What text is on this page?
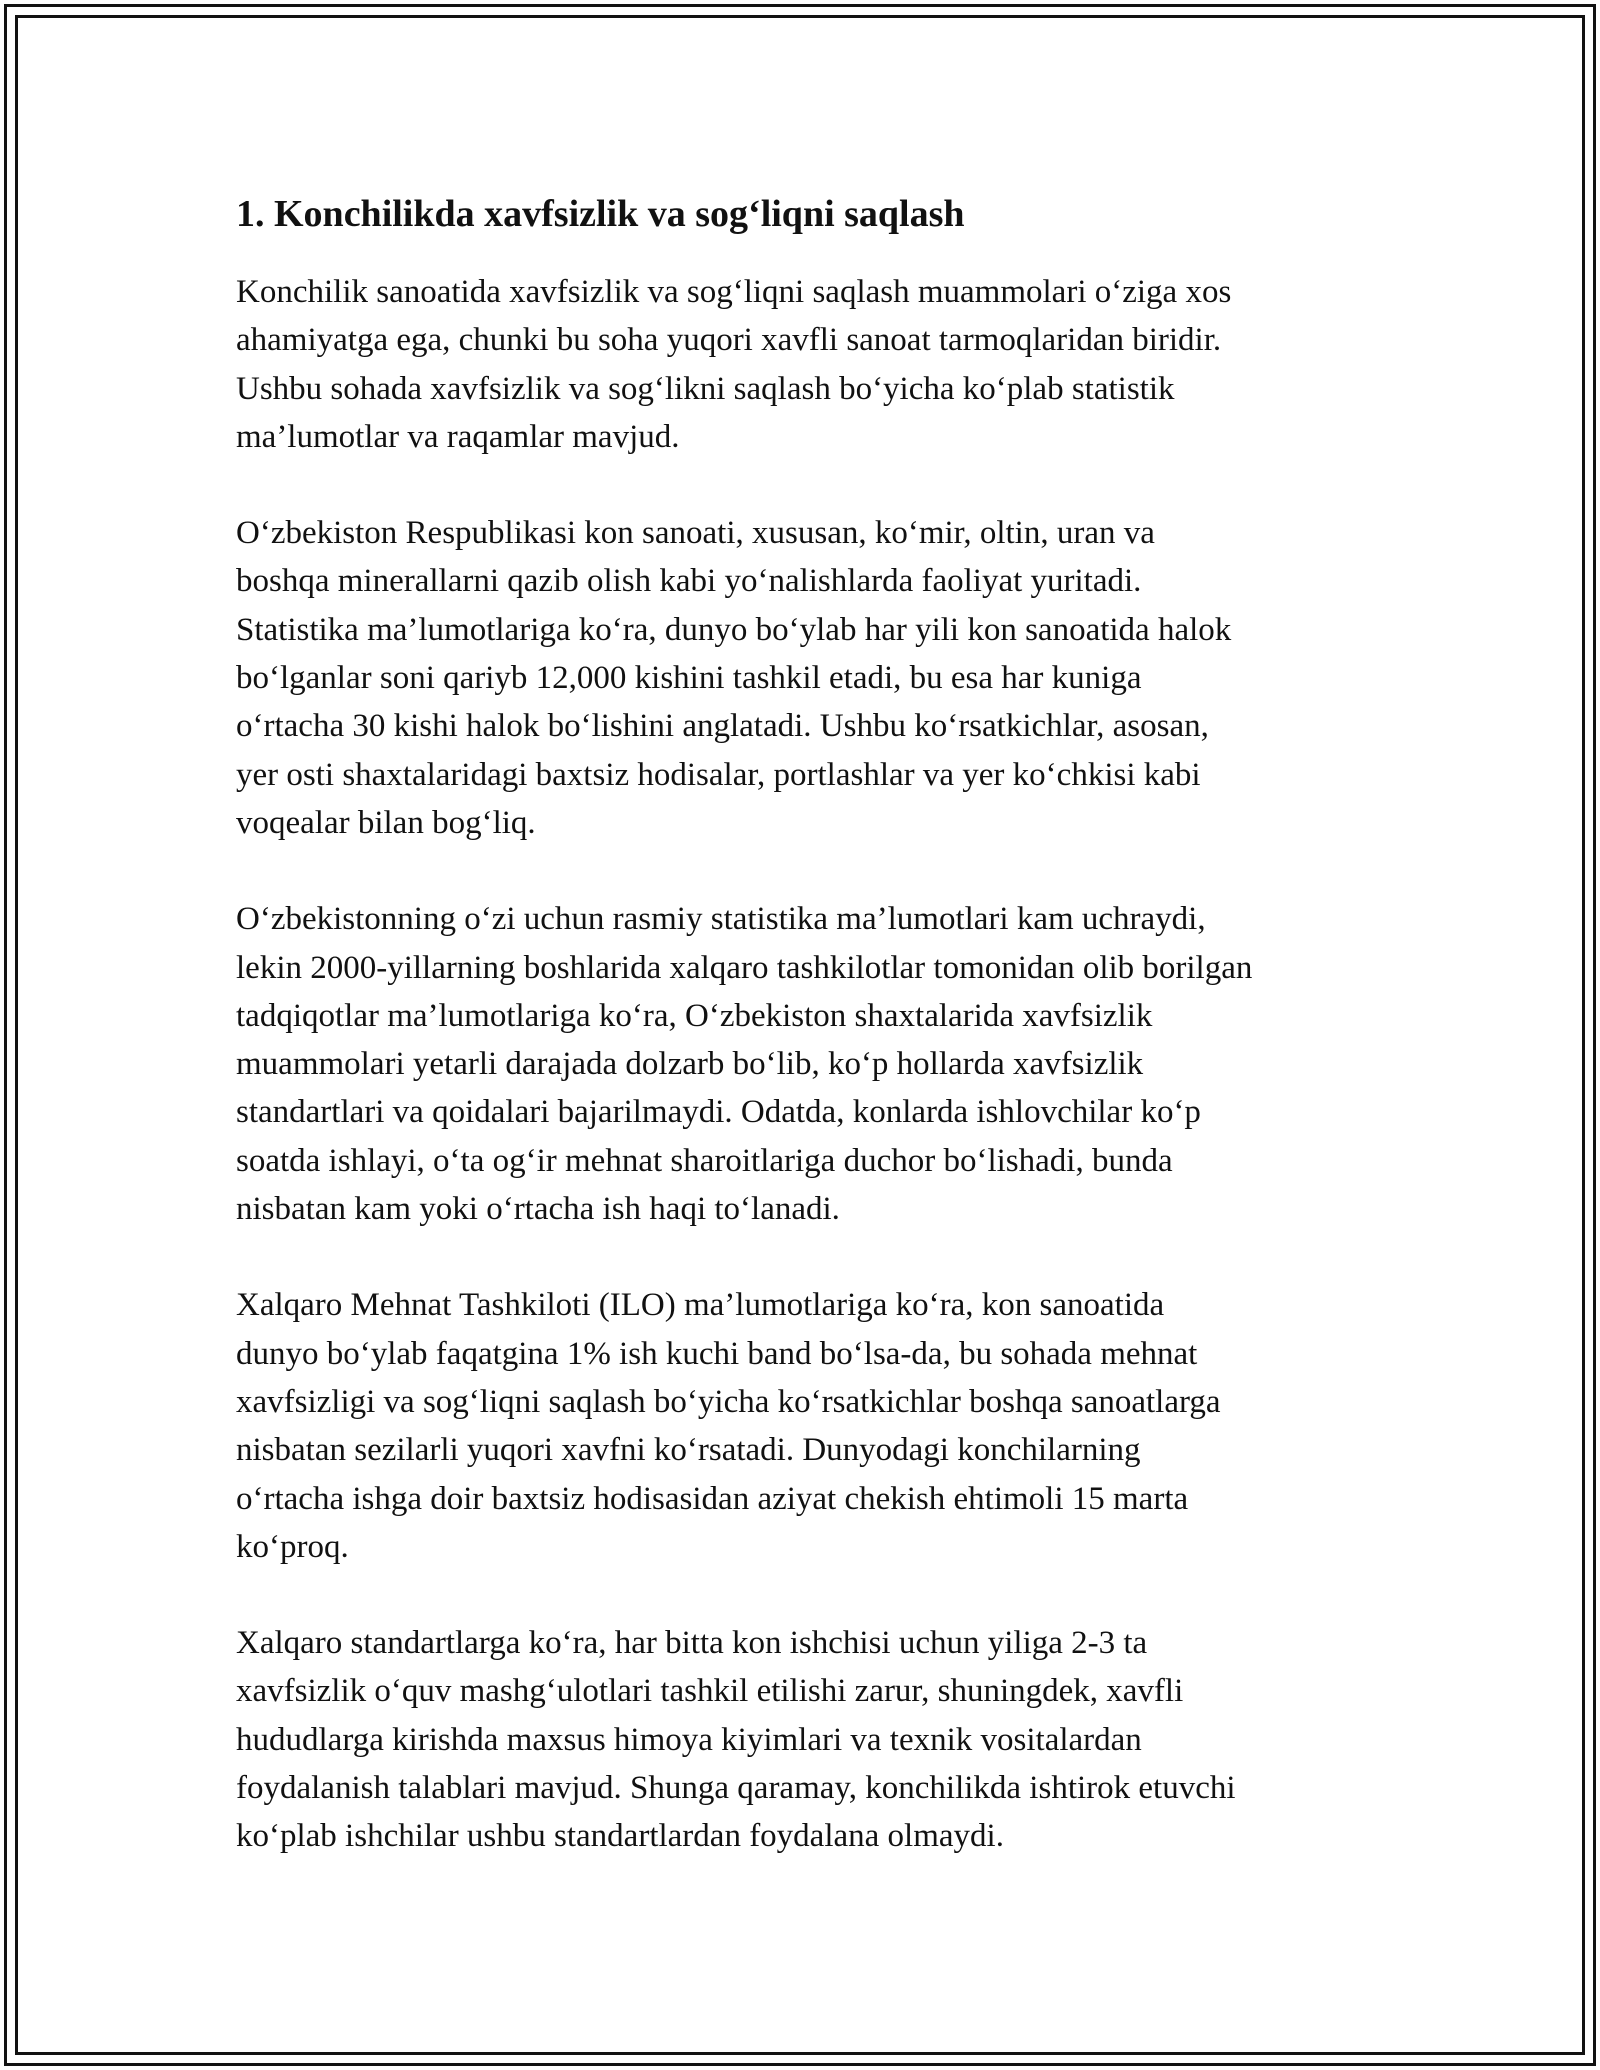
1. Konchilikda xavfsizlik va sog‘liqni saqlash

Konchilik sanoatida xavfsizlik va sog‘liqni saqlash muammolari o‘ziga xos
ahamiyatga ega, chunki bu soha yuqori xavfli sanoat tarmoqlaridan biridir.
Ushbu sohada xavfsizlik va sog‘likni saqlash bo‘yicha ko‘plab statistik
ma’lumotlar va raqamlar mavjud.

O‘zbekiston Respublikasi kon sanoati, xususan, ko‘mir, oltin, uran va
boshqa minerallarni qazib olish kabi yo‘nalishlarda faoliyat yuritadi.
Statistika ma’lumotlariga ko‘ra, dunyo bo‘ylab har yili kon sanoatida halok
bo‘lganlar soni qariyb 12,000 kishini tashkil etadi, bu esa har kuniga
o‘rtacha 30 kishi halok bo‘lishini anglatadi. Ushbu ko‘rsatkichlar, asosan,
yer osti shaxtalaridagi baxtsiz hodisalar, portlashlar va yer ko‘chkisi kabi
voqealar bilan bog‘liq.

O‘zbekistonning o‘zi uchun rasmiy statistika ma’lumotlari kam uchraydi,
lekin 2000-yillarning boshlarida xalqaro tashkilotlar tomonidan olib borilgan
tadqiqotlar ma’lumotlariga ko‘ra, O‘zbekiston shaxtalarida xavfsizlik
muammolari yetarli darajada dolzarb bo‘lib, ko‘p hollarda xavfsizlik
standartlari va qoidalari bajarilmaydi. Odatda, konlarda ishlovchilar ko‘p
soatda ishlayi, o‘ta og‘ir mehnat sharoitlariga duchor bo‘lishadi, bunda
nisbatan kam yoki o‘rtacha ish haqi to‘lanadi.

Xalqaro Mehnat Tashkiloti (ILO) ma’lumotlariga ko‘ra, kon sanoatida
dunyo bo‘ylab faqatgina 1% ish kuchi band bo‘lsa-da, bu sohada mehnat
xavfsizligi va sog‘liqni saqlash bo‘yicha ko‘rsatkichlar boshqa sanoatlarga
nisbatan sezilarli yuqori xavfni ko‘rsatadi. Dunyodagi konchilarning
o‘rtacha ishga doir baxtsiz hodisasidan aziyat chekish ehtimoli 15 marta
ko‘proq.

Xalqaro standartlarga ko‘ra, har bitta kon ishchisi uchun yiliga 2-3 ta
xavfsizlik o‘quv mashg‘ulotlari tashkil etilishi zarur, shuningdek, xavfli
hududlarga kirishda maxsus himoya kiyimlari va texnik vositalardan
foydalanish talablari mavjud. Shunga qaramay, konchilikda ishtirok etuvchi
ko‘plab ishchilar ushbu standartlardan foydalana olmaydi.
